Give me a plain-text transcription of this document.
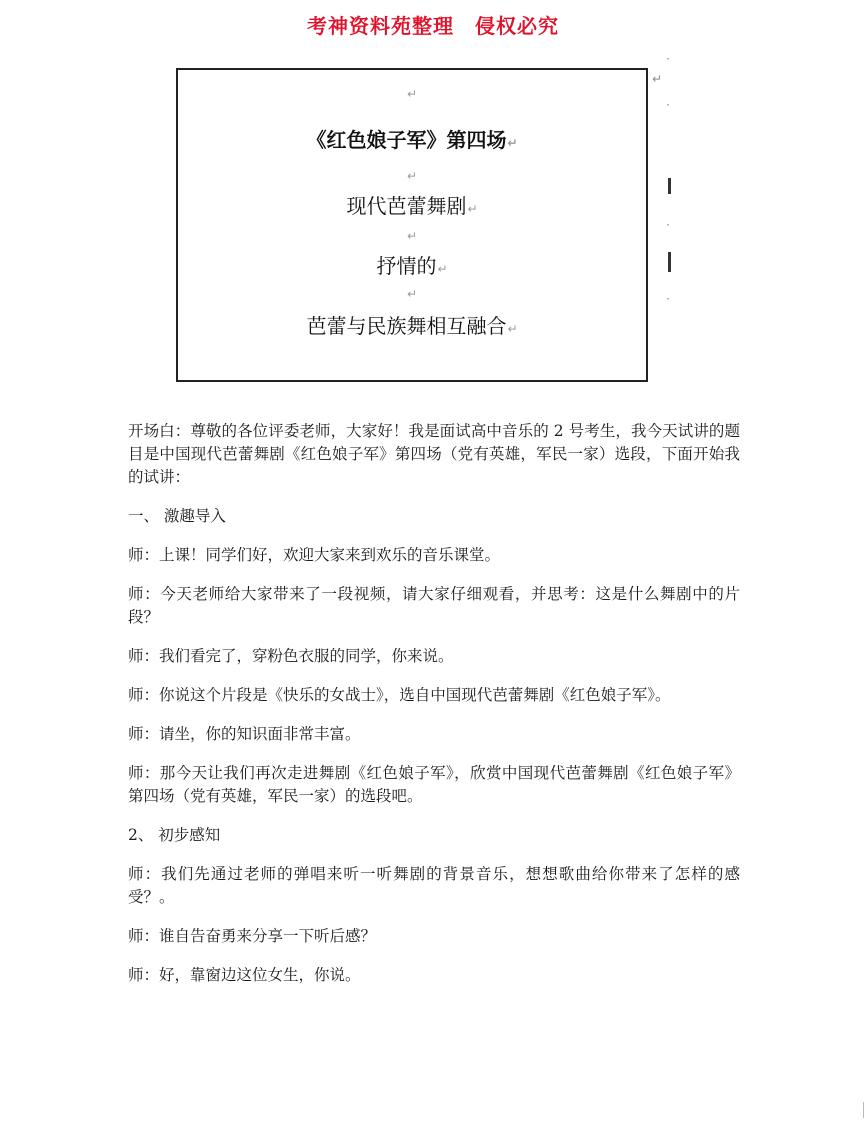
考神资料苑整理　侵权必究
↵
《红色娘子军》第四场↵
↵
现代芭蕾舞剧↵
↵
抒情的↵
↵
芭蕾与民族舞相互融合↵
·
↵
·
·
·

开场白：尊敬的各位评委老师，大家好！我是面试高中音乐的 2 号考生，我今天试讲的题目是中国现代芭蕾舞剧《红色娘子军》第四场（党有英雄，军民一家）选段，下面开始我的试讲：

一、 激趣导入

师：上课！同学们好，欢迎大家来到欢乐的音乐课堂。

师：今天老师给大家带来了一段视频，请大家仔细观看，并思考：这是什么舞剧中的片段？

师：我们看完了，穿粉色衣服的同学，你来说。

师：你说这个片段是《快乐的女战士》，选自中国现代芭蕾舞剧《红色娘子军》。

师：请坐，你的知识面非常丰富。

师：那今天让我们再次走进舞剧《红色娘子军》，欣赏中国现代芭蕾舞剧《红色娘子军》第四场（党有英雄，军民一家）的选段吧。

2、 初步感知

师：我们先通过老师的弹唱来听一听舞剧的背景音乐，想想歌曲给你带来了怎样的感受？。

师：谁自告奋勇来分享一下听后感？

师：好，靠窗边这位女生，你说。
